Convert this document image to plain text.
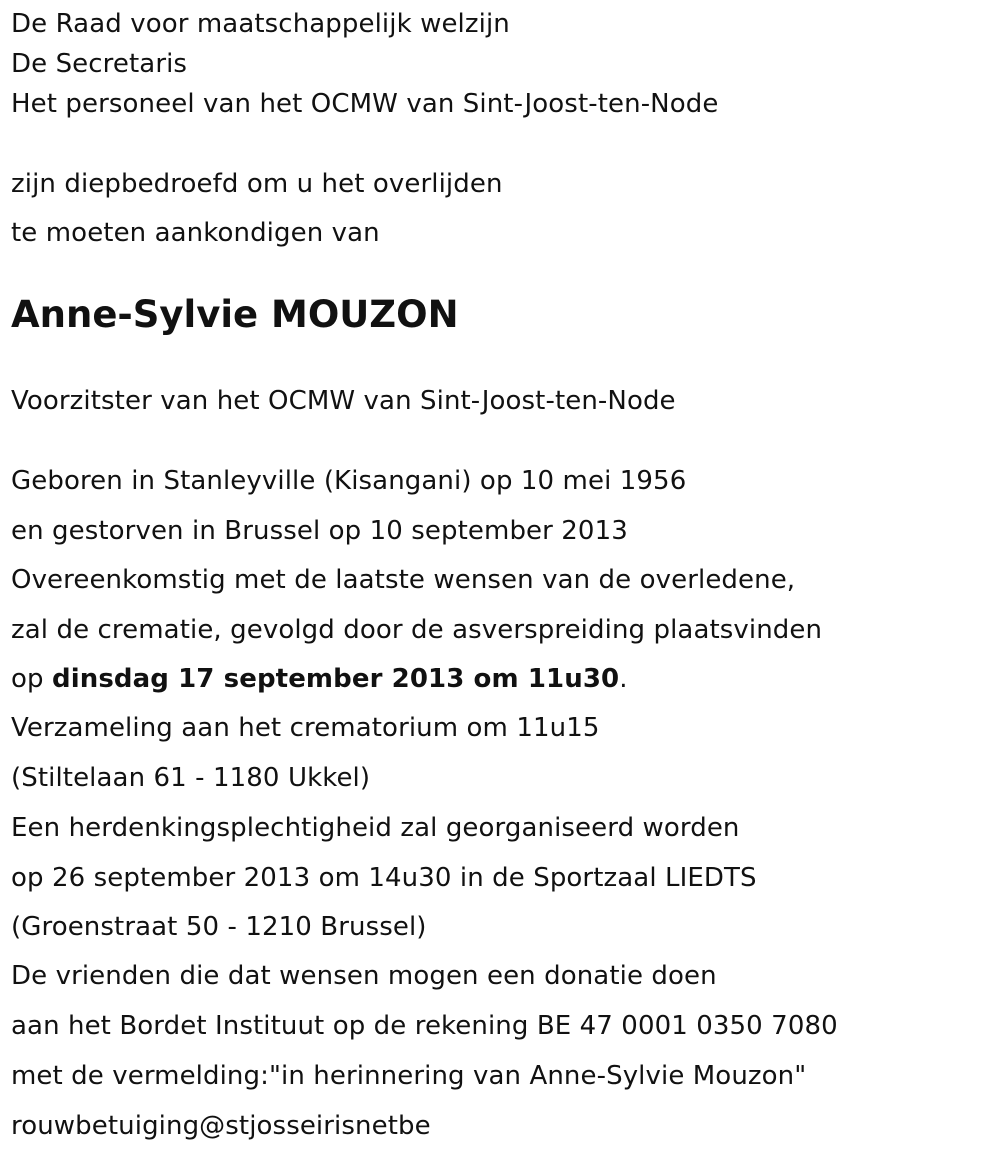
De Raad voor maatschappelijk welzijn
De Secretaris
Het personeel van het OCMW van Sint-Joost-ten-Node
zijn diepbedroefd om u het overlijden
te moeten aankondigen van
Anne-Sylvie MOUZON
Voorzitster van het OCMW van Sint-Joost-ten-Node
Geboren in Stanleyville (Kisangani) op 10 mei 1956
en gestorven in Brussel op 10 september 2013
Overeenkomstig met de laatste wensen van de overledene,
zal de crematie, gevolgd door de asverspreiding plaatsvinden
op dinsdag 17 september 2013 om 11u30.
Verzameling aan het crematorium om 11u15
(Stiltelaan 61 - 1180 Ukkel)
Een herdenkingsplechtigheid zal georganiseerd worden
op 26 september 2013 om 14u30 in de Sportzaal LIEDTS
(Groenstraat 50 - 1210 Brussel)
De vrienden die dat wensen mogen een donatie doen
aan het Bordet Instituut op de rekening BE 47 0001 0350 7080
met de vermelding:"in herinnering van Anne-Sylvie Mouzon"
rouwbetuiging@stjosseirisnetbe
